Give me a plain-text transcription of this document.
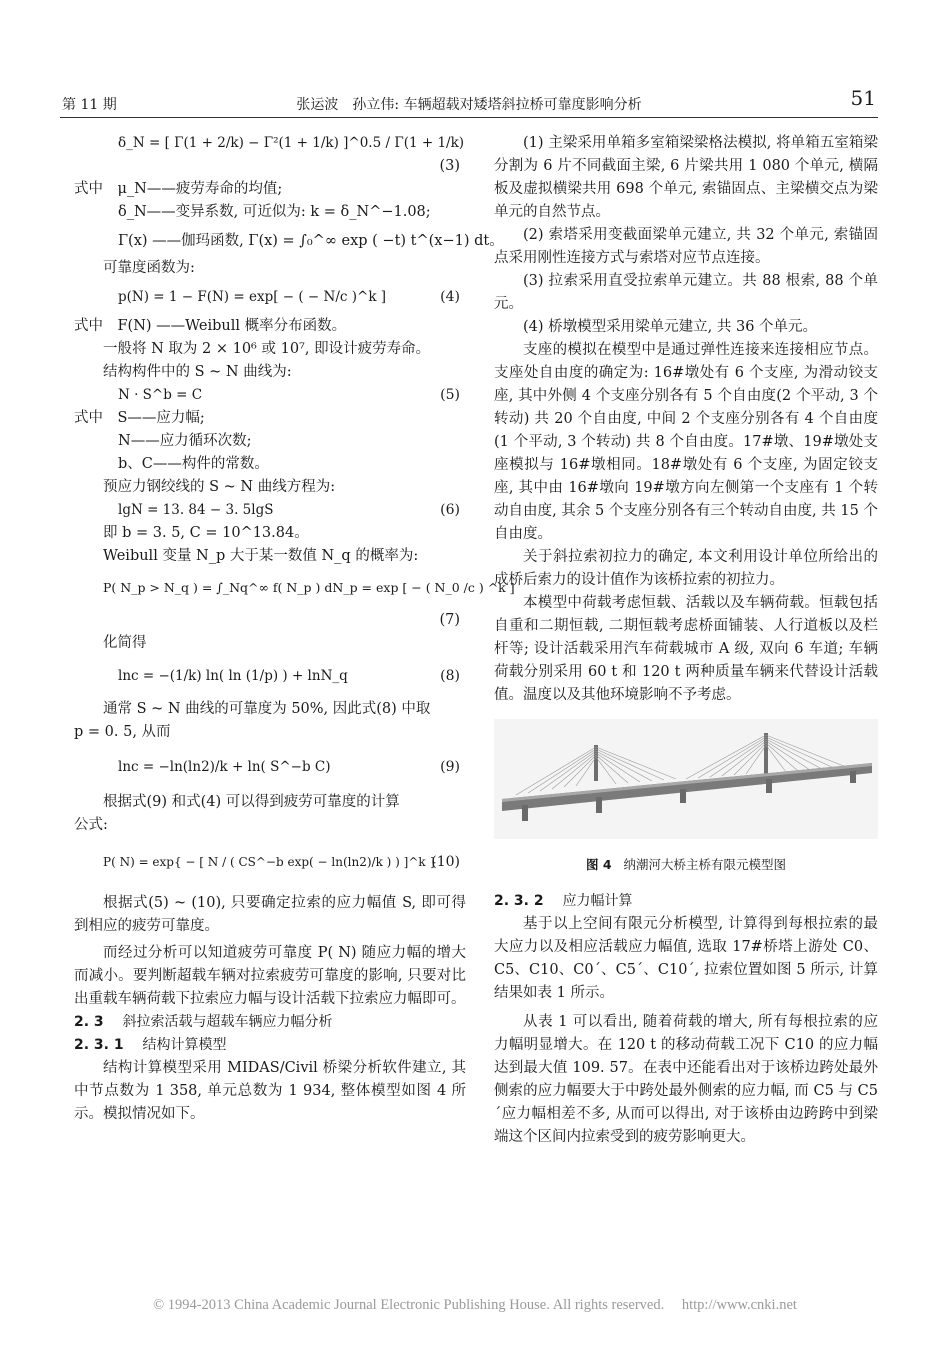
第 11 期	张运波　孙立伟: 车辆超载对矮塔斜拉桥可靠度影响分析	51
δ_N = [ Γ(1 + 2/k) − Γ²(1 + 1/k) ]^0.5 / Γ(1 + 1/k)
(3)
式中　μ_N——疲劳寿命的均值;
δ_N——变异系数, 可近似为: k = δ_N^−1.08;
Γ(x) ——伽玛函数, Γ(x) = ∫₀^∞ exp ( −t) t^(x−1) dt。
可靠度函数为:
p(N) = 1 − F(N) = exp[ − ( − N/c )^k ]	(4)
式中　F(N) ——Weibull 概率分布函数。
一般将 N 取为 2 × 10⁶ 或 10⁷, 即设计疲劳寿命。
结构构件中的 S ~ N 曲线为:
N · S^b = C	(5)
式中　S——应力幅;
N——应力循环次数;
b、C——构件的常数。
预应力钢绞线的 S ~ N 曲线方程为:
lgN = 13. 84 − 3. 5lgS	(6)
即 b = 3. 5, C = 10^13.84。
Weibull 变量 N_p 大于某一数值 N_q 的概率为:
P( N_p > N_q ) = ∫_Nq^∞ f( N_p ) dN_p = exp [ − ( N_0 /c ) ^k ]
(7)
化简得
lnc = −(1/k) ln( ln (1/p) ) + lnN_q	(8)
通常 S ~ N 曲线的可靠度为 50%, 因此式(8) 中取
p = 0. 5, 从而
lnc = −ln(ln2)/k + ln( S^−b C)	(9)
根据式(9) 和式(4) 可以得到疲劳可靠度的计算
公式:
P( N) = exp{ − [ N / ( CS^−b exp( − ln(ln2)/k ) ) ]^k }
(10)
根据式(5) ~ (10), 只要确定拉索的应力幅值 S, 即可得到相应的疲劳可靠度。
而经过分析可以知道疲劳可靠度 P( N) 随应力幅的增大而减小。要判断超载车辆对拉索疲劳可靠度的影响, 只要对比出重载车辆荷载下拉索应力幅与设计活载下拉索应力幅即可。
2. 3 斜拉索活载与超载车辆应力幅分析
2. 3. 1 结构计算模型
结构计算模型采用 MIDAS/Civil 桥梁分析软件建立, 其中节点数为 1 358, 单元总数为 1 934, 整体模型如图 4 所示。模拟情况如下。
(1) 主梁采用单箱多室箱梁梁格法模拟, 将单箱五室箱梁分割为 6 片不同截面主梁, 6 片梁共用 1 080 个单元, 横隔板及虚拟横梁共用 698 个单元, 索锚固点、主梁横交点为梁单元的自然节点。
(2) 索塔采用变截面梁单元建立, 共 32 个单元, 索锚固点采用刚性连接方式与索塔对应节点连接。
(3) 拉索采用直受拉索单元建立。共 88 根索, 88 个单元。
(4) 桥墩模型采用梁单元建立, 共 36 个单元。
支座的模拟在模型中是通过弹性连接来连接相应节点。支座处自由度的确定为: 16#墩处有 6 个支座, 为滑动铰支座, 其中外侧 4 个支座分别各有 5 个自由度(2 个平动, 3 个转动) 共 20 个自由度, 中间 2 个支座分别各有 4 个自由度(1 个平动, 3 个转动) 共 8 个自由度。17#墩、19#墩处支座模拟与 16#墩相同。18#墩处有 6 个支座, 为固定铰支座, 其中由 16#墩向 19#墩方向左侧第一个支座有 1 个转动自由度, 其余 5 个支座分别各有三个转动自由度, 共 15 个自由度。
关于斜拉索初拉力的确定, 本文利用设计单位所给出的成桥后索力的设计值作为该桥拉索的初拉力。
本模型中荷载考虑恒载、活载以及车辆荷载。恒载包括自重和二期恒载, 二期恒载考虑桥面铺装、人行道板以及栏杆等; 设计活载采用汽车荷载城市 A 级, 双向 6 车道; 车辆荷载分别采用 60 t 和 120 t 两种质量车辆来代替设计活载值。温度以及其他环境影响不予考虑。
图 4 纳潮河大桥主桥有限元模型图
2. 3. 2 应力幅计算
基于以上空间有限元分析模型, 计算得到每根拉索的最大应力以及相应活载应力幅值, 选取 17#桥塔上游处 C0、C5、C10、C0´、C5´、C10´, 拉索位置如图 5 所示, 计算结果如表 1 所示。
从表 1 可以看出, 随着荷载的增大, 所有每根拉索的应力幅明显增大。在 120 t 的移动荷载工况下 C10 的应力幅达到最大值 109. 57。在表中还能看出对于该桥边跨处最外侧索的应力幅要大于中跨处最外侧索的应力幅, 而 C5 与 C5´应力幅相差不多, 从而可以得出, 对于该桥由边跨跨中到梁端这个区间内拉索受到的疲劳影响更大。
© 1994-2013 China Academic Journal Electronic Publishing House. All rights reserved. http://www.cnki.net
